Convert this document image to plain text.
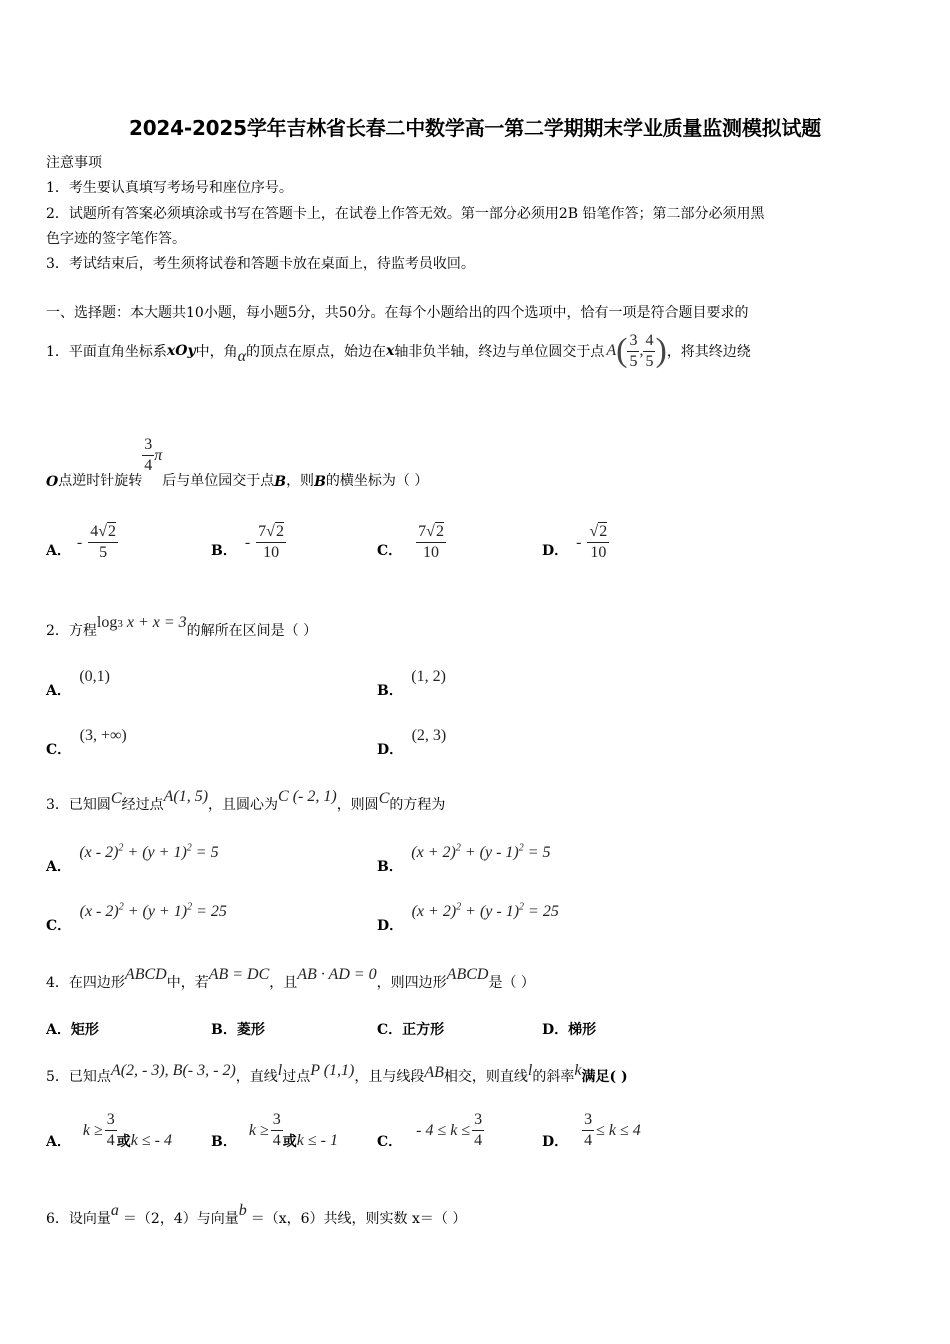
2024-2025学年吉林省长春二中数学高一第二学期期末学业质量监测模拟试题
注意事项
1．考生要认真填写考场号和座位序号。
2．试题所有答案必须填涂或书写在答题卡上，在试卷上作答无效。第一部分必须用2B 铅笔作答；第二部分必须用黑
色字迹的签字笔作答。
3．考试结束后，考生须将试卷和答题卡放在桌面上，待监考员收回。
一、选择题：本大题共10小题，每小题5分，共50分。在每个小题给出的四个选项中，恰有一项是符合题目要求的
1． 平面直角坐标系 xOy 中，角 α 的顶点在原点，始边在 x 轴非负半轴，终边与单位圆交于点 A ( $\frac{3}{5}$ , $\frac{4}{5}$ ) ，将其终边绕
O 点逆时针旋转
$\frac{3}{4}$ π
后与单位园交于点 B ，则 B 的横坐标为（ ）
A． - $\frac{4√2}{5}$	B． - $\frac{7√2}{10}$	C． $\frac{7√2}{10}$	D． - $\frac{√2}{10}$
2． 方程 log 3 x + x = 3 的解所在区间是（ ）
A． (0,1)
B． (1, 2)
C． (3, +∞)
D． (2, 3)
3． 已知圆 C 经过点 A(1, 5) ，且圆心为 C (- 2, 1) ，则圆 C 的方程为
A． $(x - 2)^2 + (y + 1)^2 = 5$
B． $(x + 2)^2 + (y - 1)^2 = 5$
C． $(x - 2)^2 + (y + 1)^2 = 25$
D． $(x + 2)^2 + (y - 1)^2 = 25$
4． 在四边形 ABCD 中，若 AB = DC ，且 AB · AD = 0 ，则四边形 ABCD 是（ ）
A．矩形	B．菱形	C．正方形	D．梯形
5． 已知点 A(2, - 3), B(- 3, - 2) ，直线 l 过点 P (1,1) ，且与线段 AB 相交，则直线 l 的斜率 k 满足( )
A．
$k \ge \frac{3}{4}$ 或 k ≤ - 4	B．
$k \ge \frac{3}{4}$ 或 k ≤ - 1	C．
- $4 \le k \le \frac{3}{4}$	D． $\frac{3}{4} \le k \le 4$
6． 设向量 a ＝（2，4）与向量 b ＝（x，6）共线，则实数 x＝（ ）
